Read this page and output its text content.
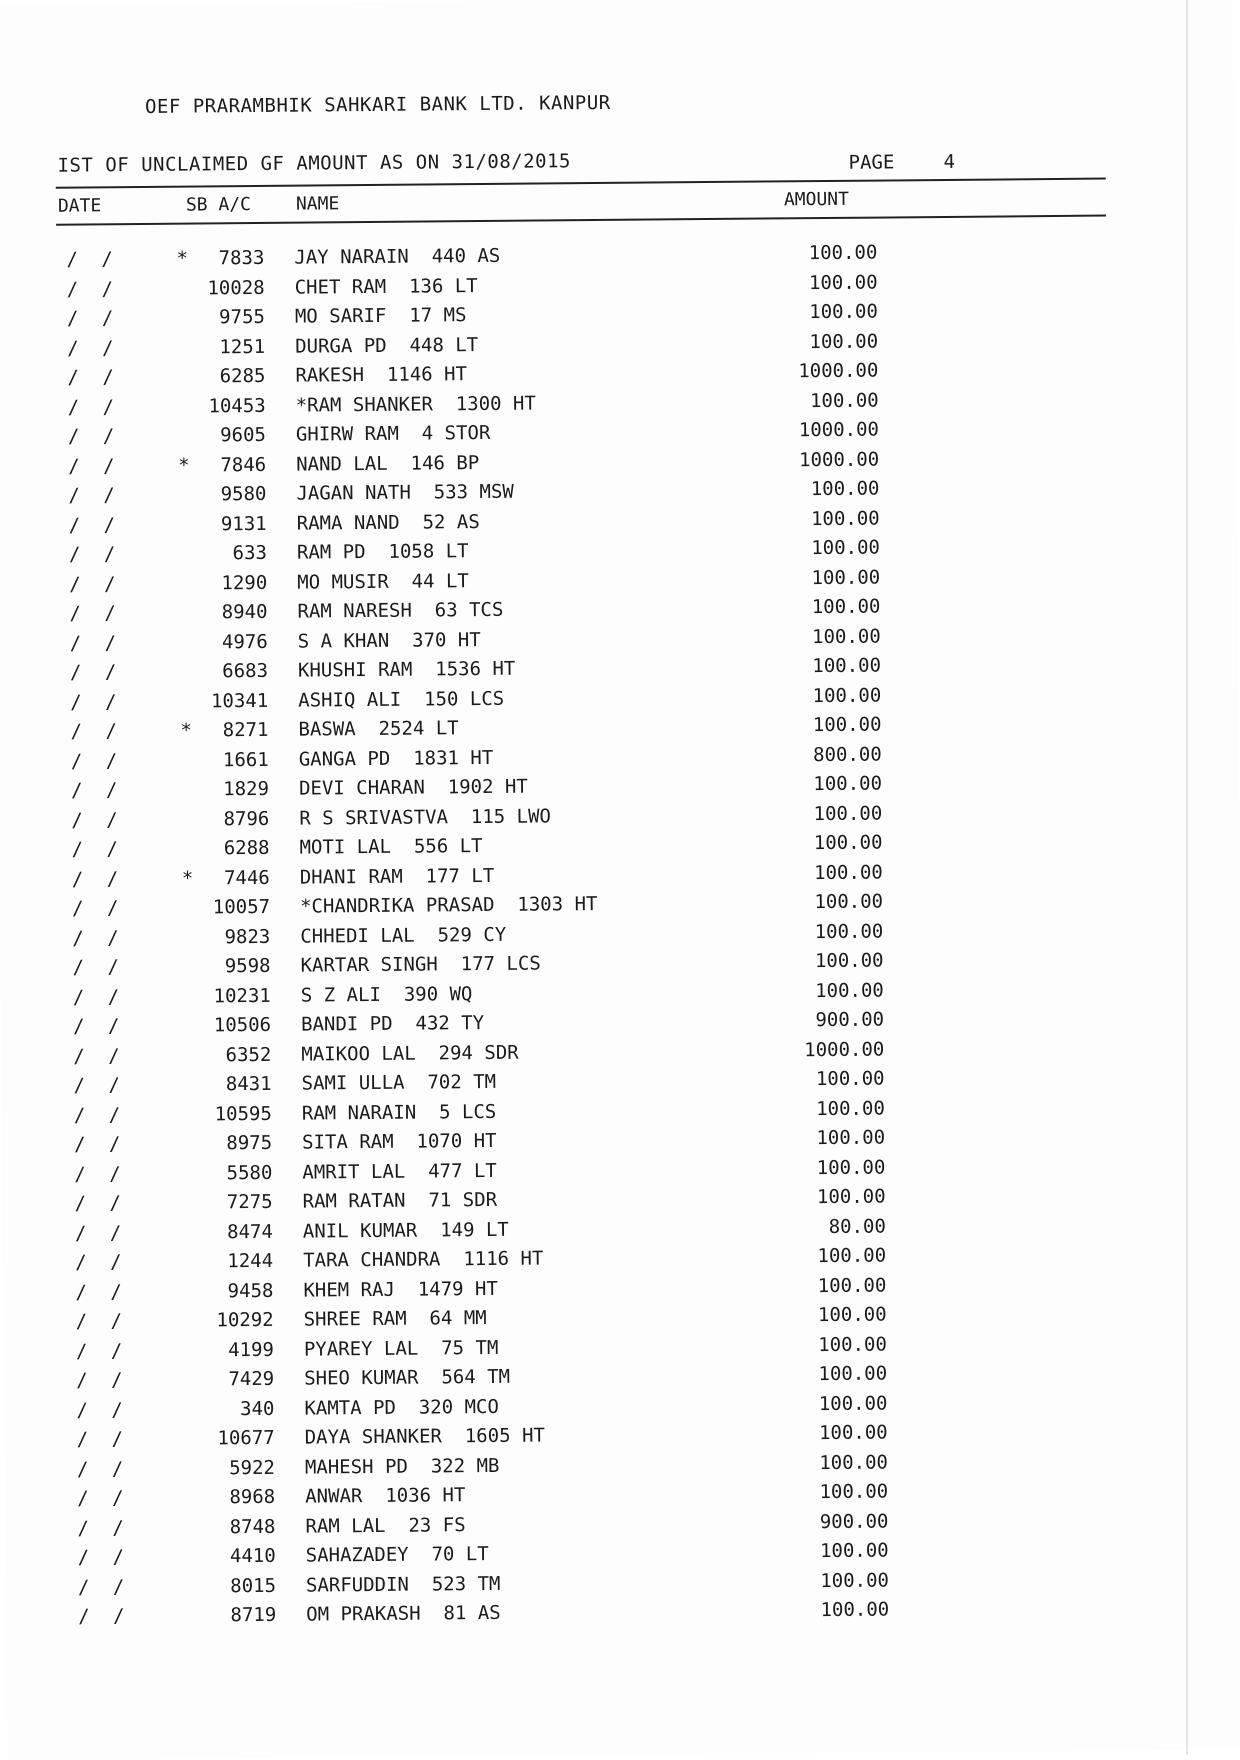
OEF PRARAMBHIK SAHKARI BANK LTD. KANPUR
IST OF UNCLAIMED GF AMOUNT AS ON 31/08/2015	PAGE	4
DATE	SB A/C NAME	AMOUNT
/ /	*	7833 JAY NARAIN  440 AS	100.00
/ /	10028 CHET RAM  136 LT	100.00
/ /	9755 MO SARIF  17 MS	100.00
/ /	1251 DURGA PD  448 LT	100.00
/ /	6285 RAKESH  1146 HT	1000.00
/ /	10453 *RAM SHANKER  1300 HT	100.00
/ /	9605 GHIRW RAM  4 STOR	1000.00
/ /	*	7846 NAND LAL  146 BP	1000.00
/ /	9580 JAGAN NATH  533 MSW	100.00
/ /	9131 RAMA NAND  52 AS	100.00
/ /	633 RAM PD  1058 LT	100.00
/ /	1290 MO MUSIR  44 LT	100.00
/ /	8940 RAM NARESH  63 TCS	100.00
/ /	4976 S A KHAN  370 HT	100.00
/ /	6683 KHUSHI RAM  1536 HT	100.00
/ /	10341 ASHIQ ALI  150 LCS	100.00
/ /	*	8271 BASWA  2524 LT	100.00
/ /	1661 GANGA PD  1831 HT	800.00
/ /	1829 DEVI CHARAN  1902 HT	100.00
/ /	8796 R S SRIVASTVA  115 LWO	100.00
/ /	6288 MOTI LAL  556 LT	100.00
/ /	*	7446 DHANI RAM  177 LT	100.00
/ /	10057 *CHANDRIKA PRASAD  1303 HT	100.00
/ /	9823 CHHEDI LAL  529 CY	100.00
/ /	9598 KARTAR SINGH  177 LCS	100.00
/ /	10231 S Z ALI  390 WQ	100.00
/ /	10506 BANDI PD  432 TY	900.00
/ /	6352 MAIKOO LAL  294 SDR	1000.00
/ /	8431 SAMI ULLA  702 TM	100.00
/ /	10595 RAM NARAIN  5 LCS	100.00
/ /	8975 SITA RAM  1070 HT	100.00
/ /	5580 AMRIT LAL  477 LT	100.00
/ /	7275 RAM RATAN  71 SDR	100.00
/ /	8474 ANIL KUMAR  149 LT	80.00
/ /	1244 TARA CHANDRA  1116 HT	100.00
/ /	9458 KHEM RAJ  1479 HT	100.00
/ /	10292 SHREE RAM  64 MM	100.00
/ /	4199 PYAREY LAL  75 TM	100.00
/ /	7429 SHEO KUMAR  564 TM	100.00
/ /	340 KAMTA PD  320 MCO	100.00
/ /	10677 DAYA SHANKER  1605 HT	100.00
/ /	5922 MAHESH PD  322 MB	100.00
/ /	8968 ANWAR  1036 HT	100.00
/ /	8748 RAM LAL  23 FS	900.00
/ /	4410 SAHAZADEY  70 LT	100.00
/ /	8015 SARFUDDIN  523 TM	100.00
/ /	8719 OM PRAKASH  81 AS	100.00
